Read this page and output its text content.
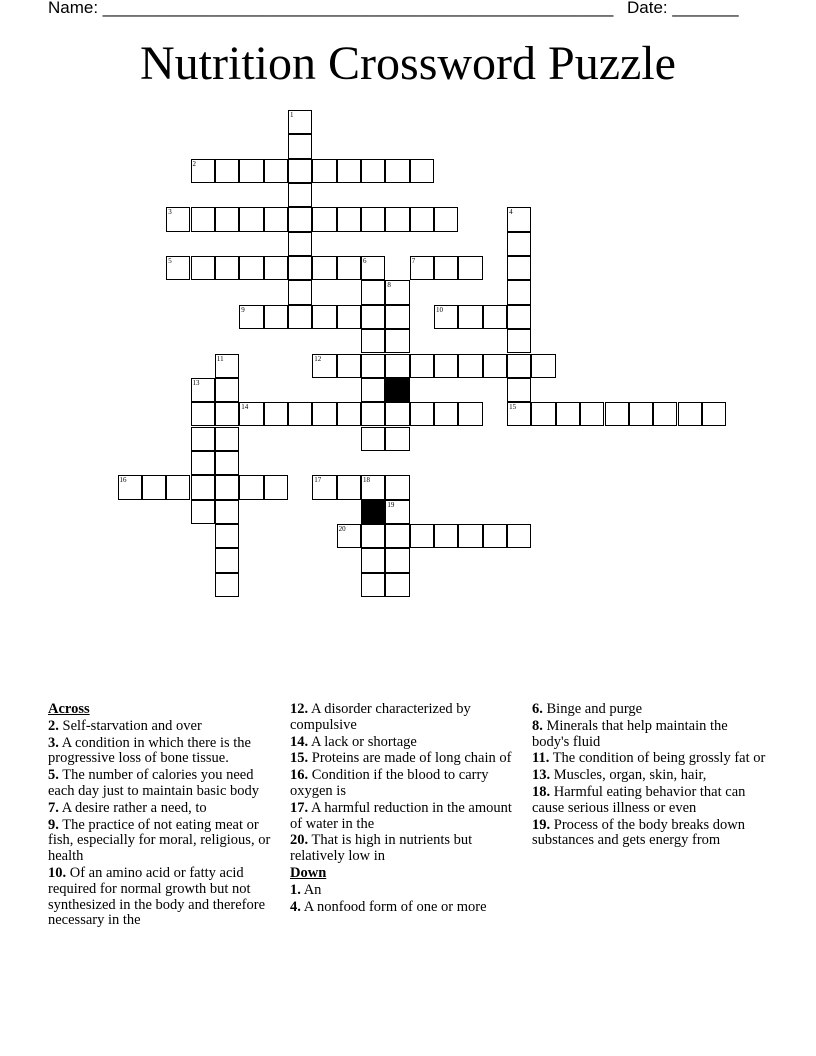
Name: ______________________________________________________ Date: _______
Nutrition Crossword Puzzle
1
2
3	4
5	6	7
8
9	10
11	12
13
14	15
16	17	18
19
20
Across
2. Self-starvation and over
3. A condition in which there is the progressive loss of bone tissue.
5. The number of calories you need each day just to maintain basic body
7. A desire rather a need, to
9. The practice of not eating meat or fish, especially for moral, religious, or health
10. Of an amino acid or fatty acid required for normal growth but not synthesized in the body and therefore necessary in the
12. A disorder characterized by compulsive
14. A lack or shortage
15. Proteins are made of long chain of
16. Condition if the blood to carry oxygen is
17. A harmful reduction in the amount of water in the
20. That is high in nutrients but relatively low in
Down
1. An
4. A nonfood form of one or more
6. Binge and purge
8. Minerals that help maintain the body's fluid
11. The condition of being grossly fat or
13. Muscles, organ, skin, hair,
18. Harmful eating behavior that can cause serious illness or even
19. Process of the body breaks down substances and gets energy from
